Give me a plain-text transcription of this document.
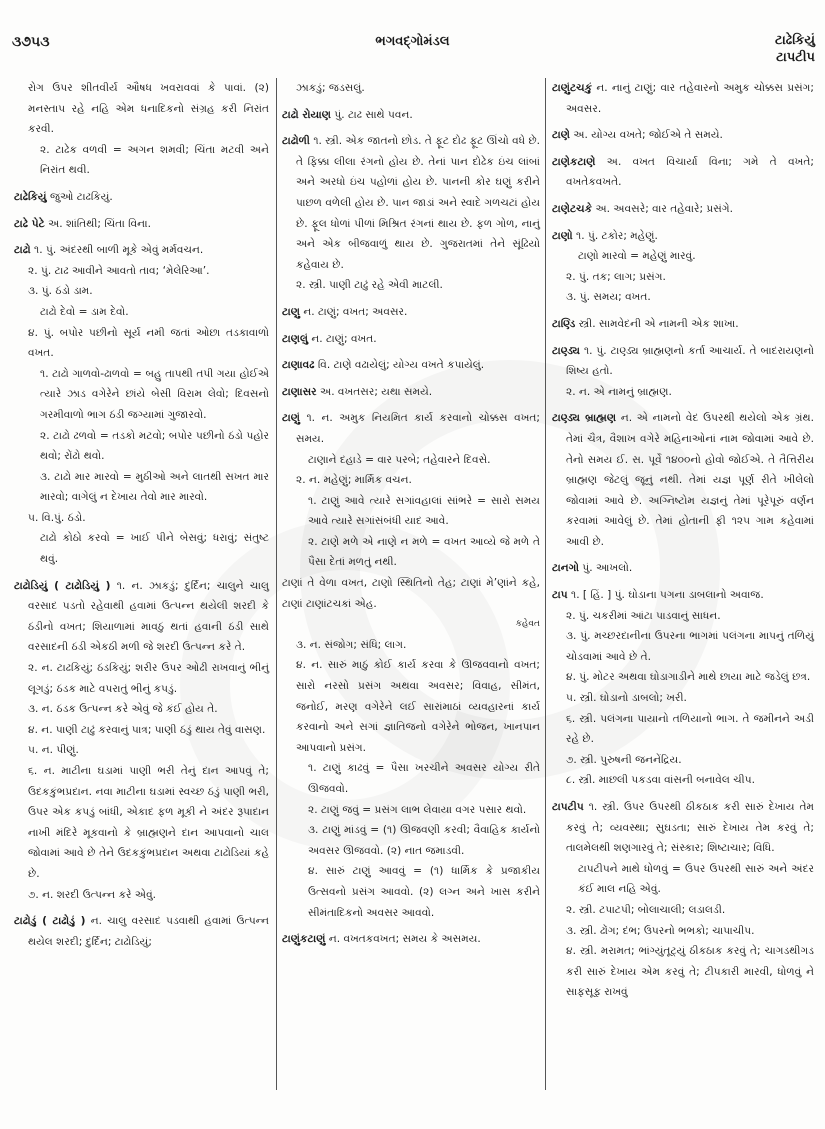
૩૭૫૩	ભગવદ્‌ગોમંડલ	ટાઢેકિયું
ટાપટીપ

રોગ ઉપર શીતવીર્ય ઔષધ ખવરાવવાં કે પાવાં. (૨) મનસ્તાપ રહે નહિ એમ ધનાદિકનો સંગ્રહ કરી નિરાંત કરવી.

૨. ટાઢેક વળવી = અગન શમવી; ચિંતા મટવી અને નિરાંત થવી.

ટાઢેકિયું જુઓ ટાઢકિયું.

ટાઢે પેટે અ. શાંતિથી; ચિંતા વિના.

ટાઢો ૧. પું. અંદરથી બાળી મૂકે એવું મર્મવચન.

૨. પું. ટાઢ આવીને આવતો તાવ; ‘મેલેરિઆ’.

૩. પું. ઠંડો ડામ.

ટાઢો દેવો = ડામ દેવો.

૪. પું. બપોર પછીનો સૂર્ય નમી જતાં ઓછા તડકાવાળો વખત.

૧. ટાઢો ગાળવો-ઢાળવો = બહુ તાપથી તપી ગયા હોઈએ ત્યારે ઝાડ વગેરેને છાંયે બેસી વિરામ લેવો; દિવસનો ગરમીવાળો ભાગ ઠંડી જગ્યામાં ગુજારવો.

૨. ટાઢો ઢળવો = તડકો મટવો; બપોર પછીનો ઠંડો પહોર થવો; રોંઢો થવો.

૩. ટાઢો માર મારવો = મુઠીઓ અને લાતથી સખત માર મારવો; વાગેલું ન દેખાય તેવો માર મારવો.

૫. વિ.પું. ઠંડો.

ટાઢો કોઠો કરવો = ખાઈ પીને બેસવું; ધરાવું; સંતુષ્ટ થવું.

ટાઢોડિયું ( ટાઢોડિયું ) ૧. ન. ઝાકડું; દુર્દિન; ચાલુને ચાલુ વરસાદ પડતો રહેવાથી હવામાં ઉત્પન્ન થયેલી શરદી કે ઠંડીનો વખત; શિયાળામાં માવઠું થતાં હવાની ઠંડી સાથે વરસાદની ઠંડી એકઠી મળી જે શરદી ઉત્પન્ન કરે તે.

૨. ન. ટાઢકિયું; ઠંડકિયું; શરીર ઉપર ઓઢી રાખવાનું ભીનું લૂગડું; ઠંડક માટે વપરાતું ભીનું કપડું.

૩. ન. ઠંડક ઉત્પન્ન કરે એવું જે કંઈ હોય તે.

૪. ન. પાણી ટાઢું કરવાનું પાત્ર; પાણી ઠંડું થાય તેવું વાસણ.

૫. ન. પીણું.

૬. ન. માટીના ઘડામાં પાણી ભરી તેનું દાન આપવું તે; ઉદકકુંભપ્રદાન. નવા માટીના ઘડામાં સ્વચ્છ ઠંડું પાણી ભરી, ઉપર એક કપડું બાંધી, એકાદ ફળ મૂકી ને અંદર રૂપાદાન નાખી મંદિરે મૂકવાનો કે બ્રાહ્મણને દાન આપવાનો ચાલ જોવામાં આવે છે તેને ઉદકકુંભપ્રદાન અથવા ટાઢોડિયાં કહે છે.

૭. ન. શરદી ઉત્પન્ન કરે એવું.

ટાઢોડું ( ટાઢોડું ) ન. ચાલુ વરસાદ પડવાથી હવામાં ઉત્પન્ન થયેલ શરદી; દુર્દિન; ટાઢોડિયું;

ઝાકડું; જડસલું.

ટાઢો રોયાણ પું. ટાઢ સાથે પવન.

ટાઢોળી ૧. સ્ત્રી. એક જાતનો છોડ. તે ફૂટ દોઢ ફૂટ ઊંચો વધે છે. તે ફિક્કા લીલા રંગનો હોય છે. તેનાં પાન દોઢેક ઇંચ લાંબાં અને અરધો ઇંચ પહોળાં હોય છે. પાનની કોર ઘણું કરીને પાછળ વળેલી હોય છે. પાન જાડાં અને સ્વાદે ગળચટાં હોય છે. ફૂલ ધોળાં પીળાં મિશ્રિત રંગનાં થાય છે. ફળ ગોળ, નાનું અને એક બીજવાળું થાય છે. ગુજરાતમાં તેને સૂંઢિયો કહેવાય છે.

૨. સ્ત્રી. પાણી ટાઢું રહે એવી માટલી.

ટાણુ ન. ટાણું; વખત; અવસર.

ટાણલું ન. ટાણું; વખત.

ટાણાવઢ વિ. ટાણે વઢાયેલું; યોગ્ય વખતે કપાયેલું.

ટાણાસર અ. વખતસર; યથા સમયે.

ટાણું ૧. ન. અમુક નિયમિત કાર્ય કરવાનો ચોક્કસ વખત; સમય.

ટાણાને દહાડે = વાર પરબે; તહેવારને દિવસે.

૨. ન. મહેણું; માર્મિક વચન.

૧. ટાણું આવે ત્યારે સગાંવહાલાં સાંભરે = સારો સમય આવે ત્યારે સગાંસંબંધી યાદ આવે.

૨. ટાણે મળે એ નાણે ન મળે = વખત આવ્યે જે મળે તે પૈસા દેતાં મળતું નથી.

ટાણાં તે વેળા વખત, ટાણો સ્થિતિનો તેહ; ટાણાં મે’ણાંને કહે, ટાણાં ટાણાંટચકાં એહ.

કહેવત

૩. ન. સંજોગ; સંધિ; લાગ.

૪. ન. સારું માઠું કોઈ કાર્ય કરવા કે ઊજવવાનો વખત; સારો નરસો પ્રસંગ અથવા અવસર; વિવાહ, સીમંત, જનોઈ, મરણ વગેરેને લઈ સારાંમાઠાં વ્યવહારનાં કાર્ય કરવાનો અને સગાં જ્ઞાતિજનો વગેરેને ભોજન, ખાનપાન આપવાનો પ્રસંગ.

૧. ટાણું કાઢવું = પૈસા ખરચીને અવસર યોગ્ય રીતે ઊજવવો.

૨. ટાણું જવું = પ્રસંગ લાભ લેવાયા વગર પસાર થવો.

૩. ટાણું માંડવું = (૧) ઊજવણી કરવી; વૈવાહિક કાર્યનો અવસર ઊજવવો. (૨) નાત જમાડવી.

૪. સારું ટાણું આવવું = (૧) ધાર્મિક કે પ્રજાકીય ઉત્સવનો પ્રસંગ આવવો. (૨) લગ્ન અને ખાસ કરીને સીમંતાદિકનો અવસર આવવો.

ટાણુંકટાણું ન. વખતકવખત; સમય કે અસમય.

ટાણુંટચકું ન. નાનું ટાણું; વાર તહેવારનો અમુક ચોક્કસ પ્રસંગ; અવસર.

ટાણે અ. યોગ્ય વખતે; જોઈએ તે સમયે.

ટાણેકટાણે અ. વખત વિચાર્યા વિના; ગમે તે વખતે; વખતેકવખતે.

ટાણેટચકે અ. અવસરે; વાર તહેવારે; પ્રસંગે.

ટાણો ૧. પું. ટકોર; મહેણું.

ટાણો મારવો = મહેણું મારવું.

૨. પું. તક; લાગ; પ્રસંગ.

૩. પું. સમય; વખત.

ટાણ્ડિ સ્ત્રી. સામવેદની એ નામની એક શાખા.

ટાણ્ડ્ય ૧. પું. ટાણ્ડ્ય બ્રાહ્મણનો કર્તા આચાર્ય. તે બાદરાયણનો શિષ્ય હતો.

૨. ન. એ નામનું બ્રાહ્મણ.

ટાણ્ડ્ય બ્રાહ્મણ ન. એ નામનો વેદ ઉપરથી થયેલો એક ગ્રંથ. તેમાં ચૈત્ર, વૈશાખ વગેરે મહિનાઓનાં નામ જોવામાં આવે છે. તેનો સમય ઈ. સ. પૂર્વે ૧૪૦૦નો હોવો જોઈએ. તે તૈત્તિરીય બ્રાહ્મણ જેટલું જૂનું નથી. તેમાં યજ્ઞ પૂર્ણ રીતે ખીલેલો જોવામાં આવે છે. અગ્નિષ્ટોમ યજ્ઞનું તેમાં પૂરેપૂરું વર્ણન કરવામાં આવેલું છે. તેમાં હોતાની ફી ૧૨૫ ગામ કહેવામાં આવી છે.

ટાનગો પું. આખલો.

ટાપ ૧. [ હિં. ] પું. ઘોડાના પગના ડાબલાનો અવાજ.

૨. પું. ચકરીમાં આંટા પાડવાનું સાધન.

૩. પું. મચ્છરદાનીના ઉપરના ભાગમાં પલંગના માપનું તળિયું ચોડવામાં આવે છે તે.

૪. પું. મોટર અથવા ઘોડાગાડીને માથે છાયા માટે જડેલું છત્ર.

૫. સ્ત્રી. ઘોડાનો ડાબલો; ખરી.

૬. સ્ત્રી. પલંગના પાયાનો તળિયાનો ભાગ. તે જમીનને અડી રહે છે.

૭. સ્ત્રી. પુરુષની જનનેંદ્રિય.

૮. સ્ત્રી. માછલી પકડવા વાંસની બનાવેલ ચીપ.

ટાપટીપ ૧. સ્ત્રી. ઉપર ઉપરથી ઠીકઠાક કરી સારું દેખાય તેમ કરવું તે; વ્યવસ્થા; સુઘડતા; સારું દેખાય તેમ કરવું તે; તાલમેલથી શણગારવું તે; સંસ્કાર; શિષ્ટાચાર; વિધિ.

ટાપટીપને માથે ધોળવું = ઉપર ઉપરથી સારું અને અંદર કંઈ માલ નહિ એવું.

૨. સ્ત્રી. ટપાટપી; બોલાચાલી; લડાલડી.

૩. સ્ત્રી. ઢોંગ; દંભ; ઉપરનો ભભકો; ચાપાચીપ.

૪. સ્ત્રી. મરામત; ભાંગ્યુંતૂટ્યું ઠીકઠાક કરવું તે; ચાગડથીગડ કરી સારું દેખાય એમ કરવું તે; ટીપકારી મારવી, ધોળવું ને સાફસૂફ રાખવું
